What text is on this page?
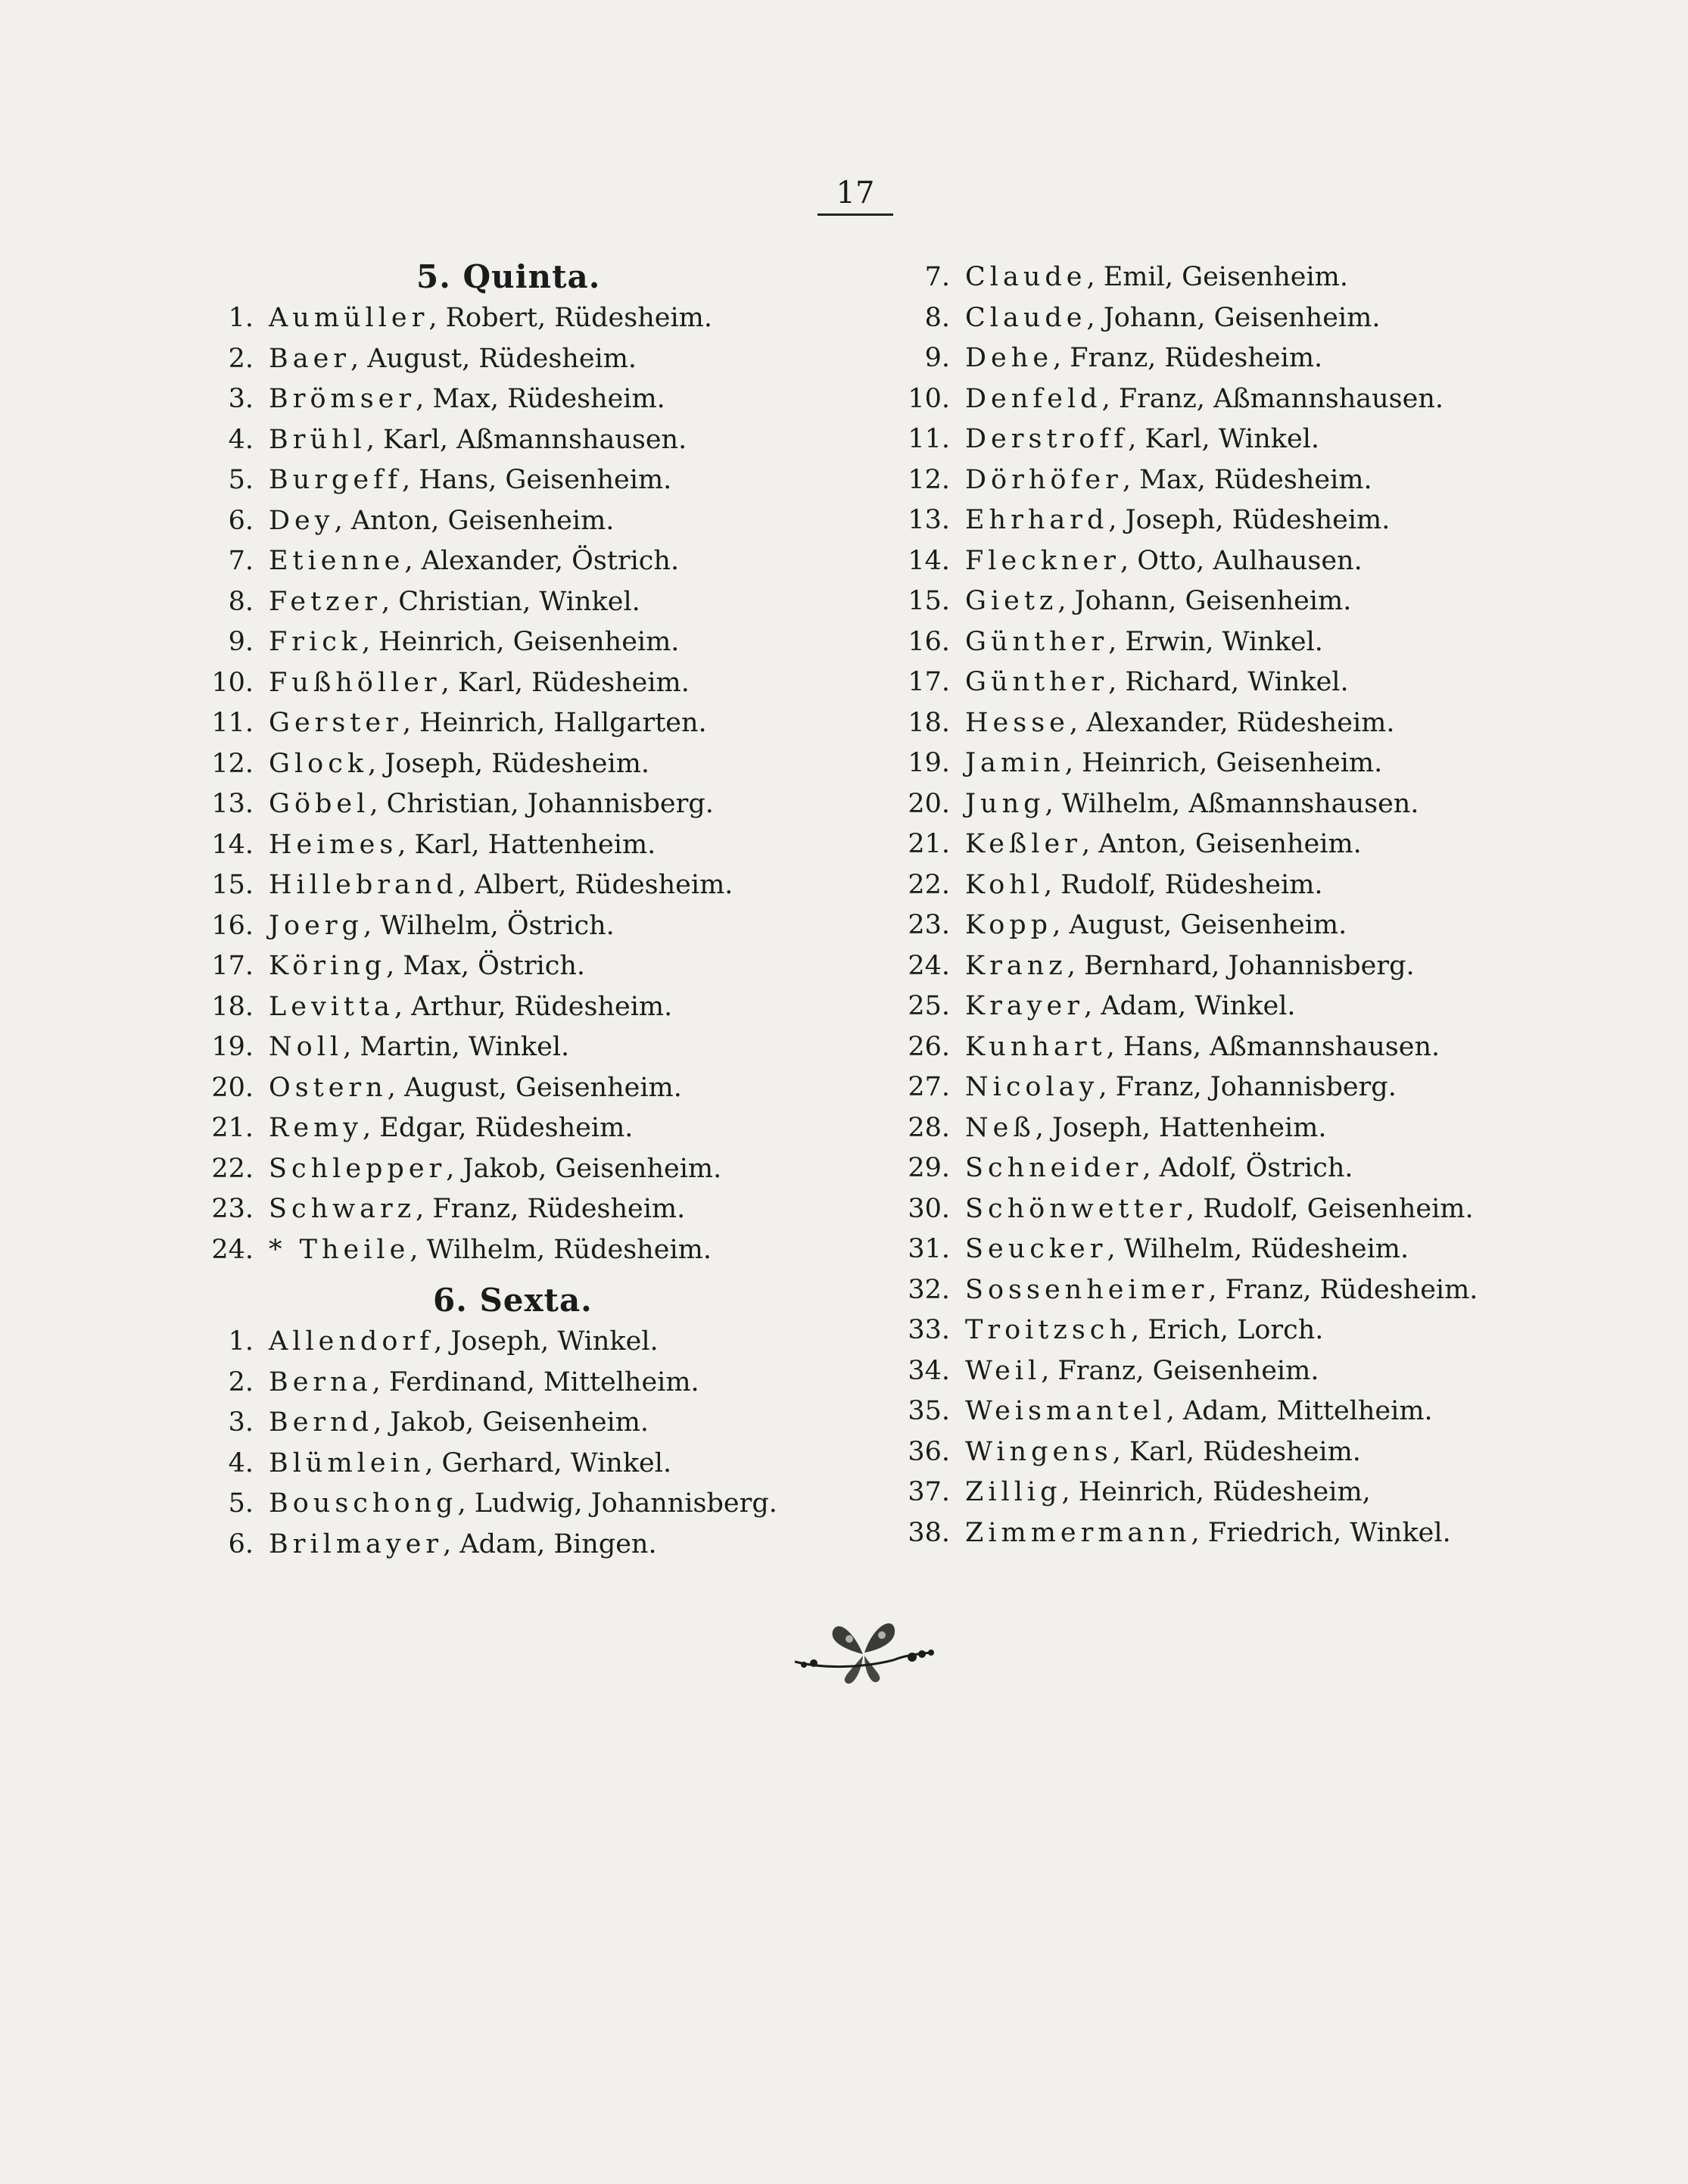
17
5. Quinta.
1. Aumüller, Robert, Rüdesheim.
2. Baer, August, Rüdesheim.
3. Brömser, Max, Rüdesheim.
4. Brühl, Karl, Aßmannshausen.
5. Burgeff, Hans, Geisenheim.
6. Dey, Anton, Geisenheim.
7. Etienne, Alexander, Östrich.
8. Fetzer, Christian, Winkel.
9. Frick, Heinrich, Geisenheim.
10. Fußhöller, Karl, Rüdesheim.
11. Gerster, Heinrich, Hallgarten.
12. Glock, Joseph, Rüdesheim.
13. Göbel, Christian, Johannisberg.
14. Heimes, Karl, Hattenheim.
15. Hillebrand, Albert, Rüdesheim.
16. Joerg, Wilhelm, Östrich.
17. Köring, Max, Östrich.
18. Levitta, Arthur, Rüdesheim.
19. Noll, Martin, Winkel.
20. Ostern, August, Geisenheim.
21. Remy, Edgar, Rüdesheim.
22. Schlepper, Jakob, Geisenheim.
23. Schwarz, Franz, Rüdesheim.
24. * Theile, Wilhelm, Rüdesheim.
6. Sexta.
1. Allendorf, Joseph, Winkel.
2. Berna, Ferdinand, Mittelheim.
3. Bernd, Jakob, Geisenheim.
4. Blümlein, Gerhard, Winkel.
5. Bouschong, Ludwig, Johannisberg.
6. Brilmayer, Adam, Bingen.
7. Claude, Emil, Geisenheim.
8. Claude, Johann, Geisenheim.
9. Dehe, Franz, Rüdesheim.
10. Denfeld, Franz, Aßmannshausen.
11. Derstroff, Karl, Winkel.
12. Dörhöfer, Max, Rüdesheim.
13. Ehrhard, Joseph, Rüdesheim.
14. Fleckner, Otto, Aulhausen.
15. Gietz, Johann, Geisenheim.
16. Günther, Erwin, Winkel.
17. Günther, Richard, Winkel.
18. Hesse, Alexander, Rüdesheim.
19. Jamin, Heinrich, Geisenheim.
20. Jung, Wilhelm, Aßmannshausen.
21. Keßler, Anton, Geisenheim.
22. Kohl, Rudolf, Rüdesheim.
23. Kopp, August, Geisenheim.
24. Kranz, Bernhard, Johannisberg.
25. Krayer, Adam, Winkel.
26. Kunhart, Hans, Aßmannshausen.
27. Nicolay, Franz, Johannisberg.
28. Neß, Joseph, Hattenheim.
29. Schneider, Adolf, Östrich.
30. Schönwetter, Rudolf, Geisenheim.
31. Seucker, Wilhelm, Rüdesheim.
32. Sossenheimer, Franz, Rüdesheim.
33. Troitzsch, Erich, Lorch.
34. Weil, Franz, Geisenheim.
35. Weismantel, Adam, Mittelheim.
36. Wingens, Karl, Rüdesheim.
37. Zillig, Heinrich, Rüdesheim,
38. Zimmermann, Friedrich, Winkel.
